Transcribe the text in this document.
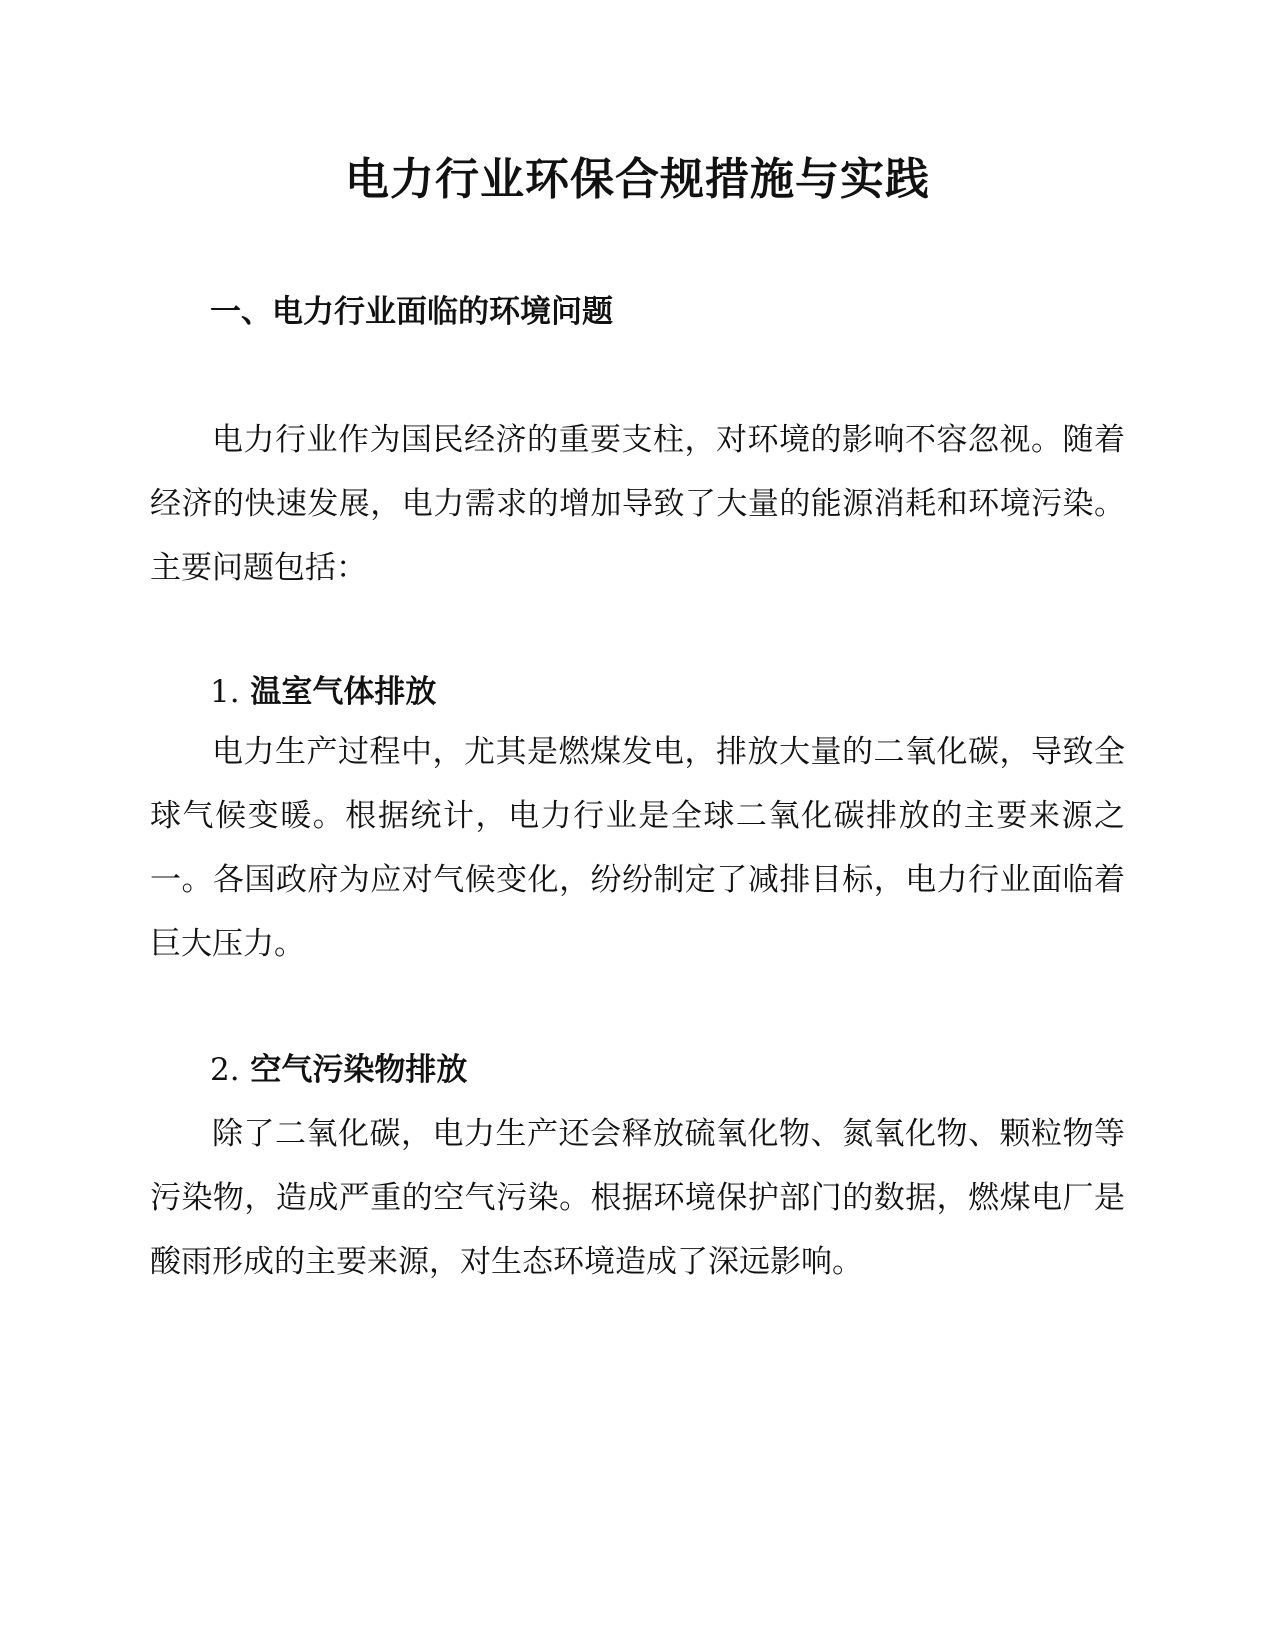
电力行业环保合规措施与实践
一、电力行业面临的环境问题

电力行业作为国民经济的重要支柱，对环境的影响不容忽视。随着经济的快速发展，电力需求的增加导致了大量的能源消耗和环境污染。主要问题包括：

1. 温室气体排放

电力生产过程中，尤其是燃煤发电，排放大量的二氧化碳，导致全球气候变暖。根据统计，电力行业是全球二氧化碳排放的主要来源之一。各国政府为应对气候变化，纷纷制定了减排目标，电力行业面临着巨大压力。

2. 空气污染物排放

除了二氧化碳，电力生产还会释放硫氧化物、氮氧化物、颗粒物等污染物，造成严重的空气污染。根据环境保护部门的数据，燃煤电厂是酸雨形成的主要来源，对生态环境造成了深远影响。
